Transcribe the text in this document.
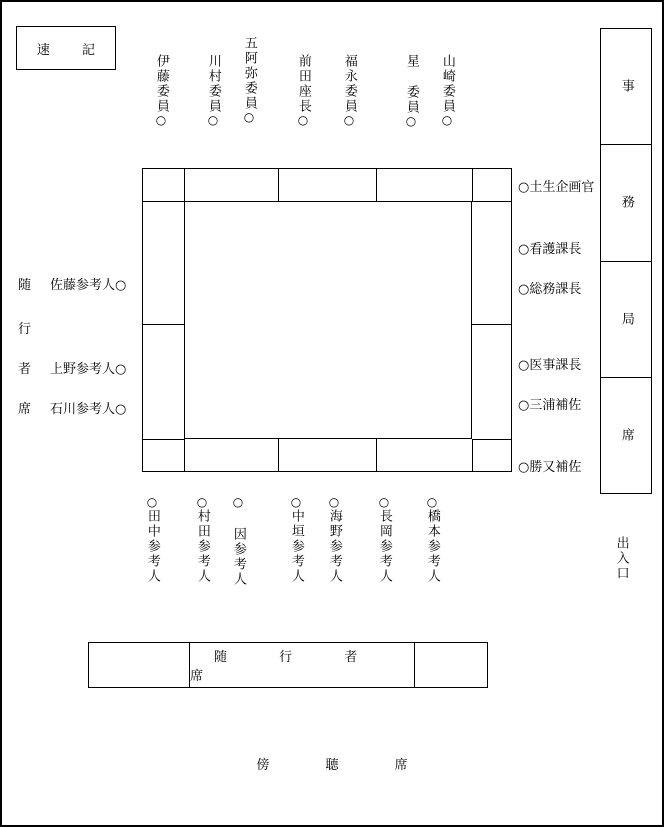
速 記
伊藤
委員
○
川村
委員
○
五阿弥
委員
○
前田
座長
○
福永
委員
○
星
委員
○
山崎
委員
○
○土生企画官
○看護課長
○総務課長
○医事課長
○三浦補佐
○勝又補佐
事
務
局
席
出入口
随
行
者
席
佐藤参考人○
上野参考人○
石川参考人○
○
田中
参考人
○
村田
参考人
○
因
参考人
○
中垣
参考人
○
海野
参考人
○
長岡
参考人
○
橋本
参考人
随 行 者 席
傍 聴 席
